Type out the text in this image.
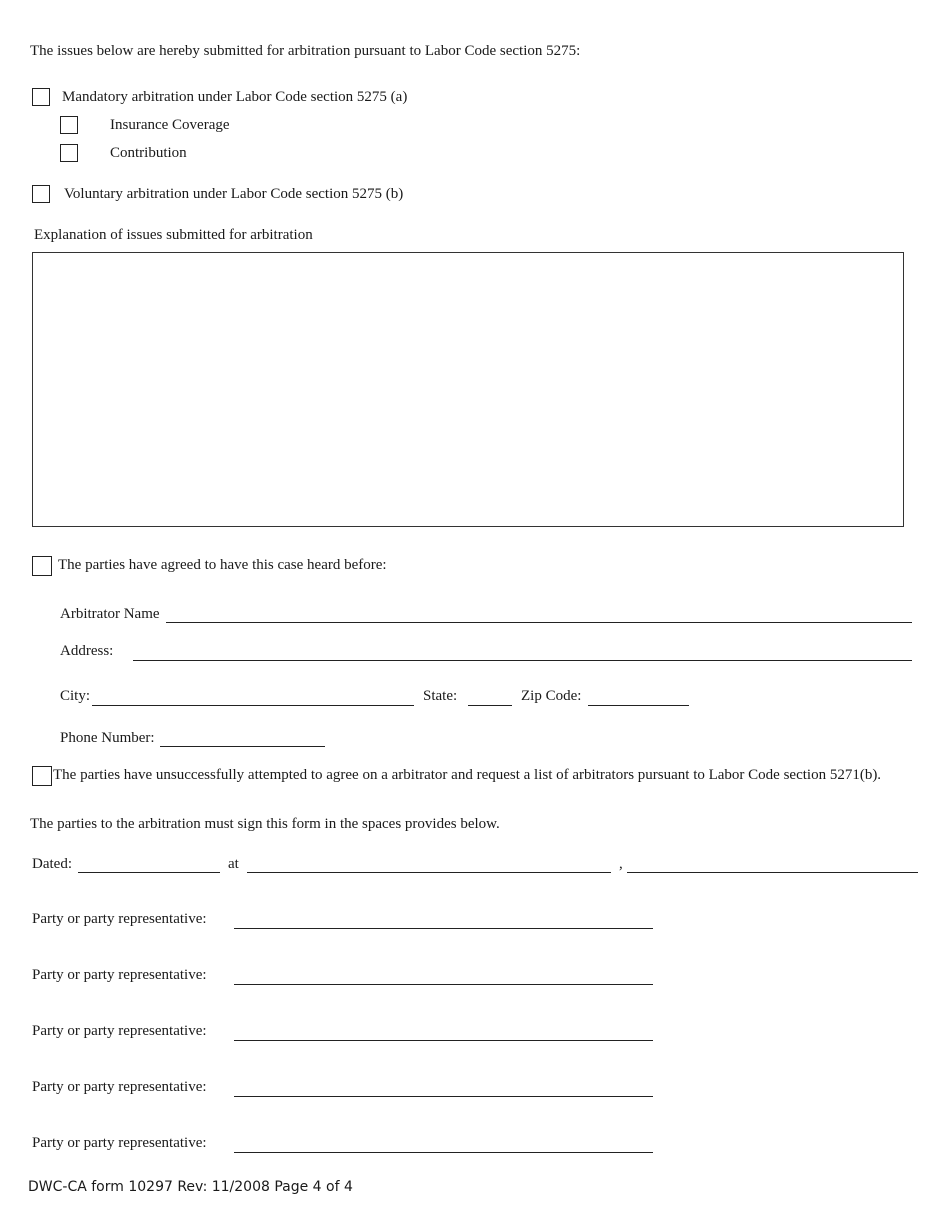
The issues below are hereby submitted for arbitration pursuant to Labor Code section 5275:
Mandatory arbitration under Labor Code section 5275 (a)
Insurance Coverage
Contribution
Voluntary arbitration under Labor Code section 5275 (b)
Explanation of issues submitted for arbitration
The parties have agreed to have this case heard before:
Arbitrator Name
Address:
City:	State:	Zip Code:
Phone Number:
The parties have unsuccessfully attempted to agree on a arbitrator and request a list of arbitrators pursuant to Labor Code section 5271(b).
The parties to the arbitration must sign this form in the spaces provides below.
Dated:	at	,
Party or party representative:
Party or party representative:
Party or party representative:
Party or party representative:
Party or party representative:
DWC-CA form 10297 Rev: 11/2008 Page 4 of 4
